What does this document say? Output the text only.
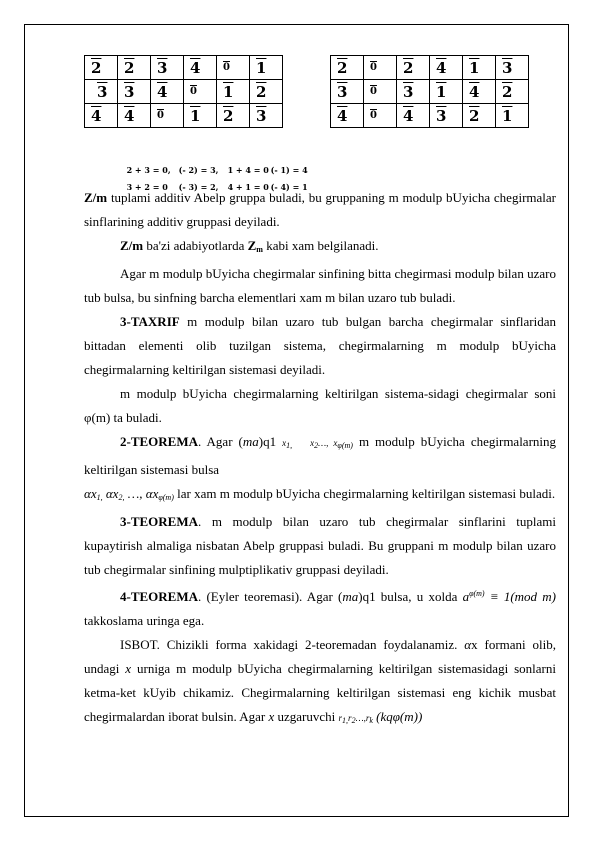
2	2	3	4	0	1
3	3	4	0	1	2
4	4	0	1	2	3
2	0	2	4	1	3
3	0	3	1	4	2
4	0	4	3	2	1

2 + 3 = 0, (- 2) = 3, 1 + 4 = 0 (- 1) = 4

3 + 2 = 0 (- 3) = 2, 4 + 1 = 0 (- 4) = 1

Z/m tuplami additiv Abelp gruppa buladi, bu gruppaning m modulp bUyicha chegirmalar sinflarining additiv gruppasi deyiladi.

Z/m ba'zi adabiyotlarda $Z_m$ kabi xam belgilanadi.

Agar m modulp bUyicha chegirmalar sinfining bitta chegirmasi modulp bilan uzaro tub bulsa, bu sinfning barcha elementlari xam m bilan uzaro tub buladi.

3-TAXRIF m modulp bilan uzaro tub bulgan barcha chegirmalar sinflaridan bittadan elementi olib tuzilgan sistema, chegirmalarning m modulp bUyicha chegirmalarning keltirilgan sistemasi deyiladi.

m modulp bUyicha chegirmalarning keltirilgan sistema-sidagi chegirmalar soni φ(m) ta buladi.

2-TEOREMA. Agar (ma)q1 $x_{1,}$ $x_2\dots$, $x_{\varphi(m)}$ m modulp bUyicha chegirmalarning keltirilgan sistemasi bulsa

$\alpha x_{1,}$ $\alpha x_{2,}$ …, $\alpha x_{\varphi(m)}$ lar xam m modulp bUyicha chegirmalarning keltirilgan sistemasi buladi.

3-TEOREMA. m modulp bilan uzaro tub chegirmalar sinflarini tuplami kupaytirish almaliga nisbatan Abelp gruppasi buladi. Bu gruppani m modulp bilan uzaro tub chegirmalar sinfining mulptiplikativ gruppasi deyiladi.

4-TEOREMA. (Eyler teoremasi). Agar (ma)q1 bulsa, u xolda $a^{\varphi(m)} \equiv 1(mod$ m) takkoslama uringa ega.

ISBOT. Chizikli forma xakidagi 2-teoremadan foydalanamiz. αx formani olib, undagi x urniga m modulp bUyicha chegirmalarning keltirilgan sistemasidagi sonlarni ketma-ket kUyib chikamiz. Chegirmalarning keltirilgan sistemasi eng kichik musbat chegirmalardan iborat bulsin. Agar x uzgaruvchi $r_{1,}r_2\dots,r_k$ (kqφ(m))
